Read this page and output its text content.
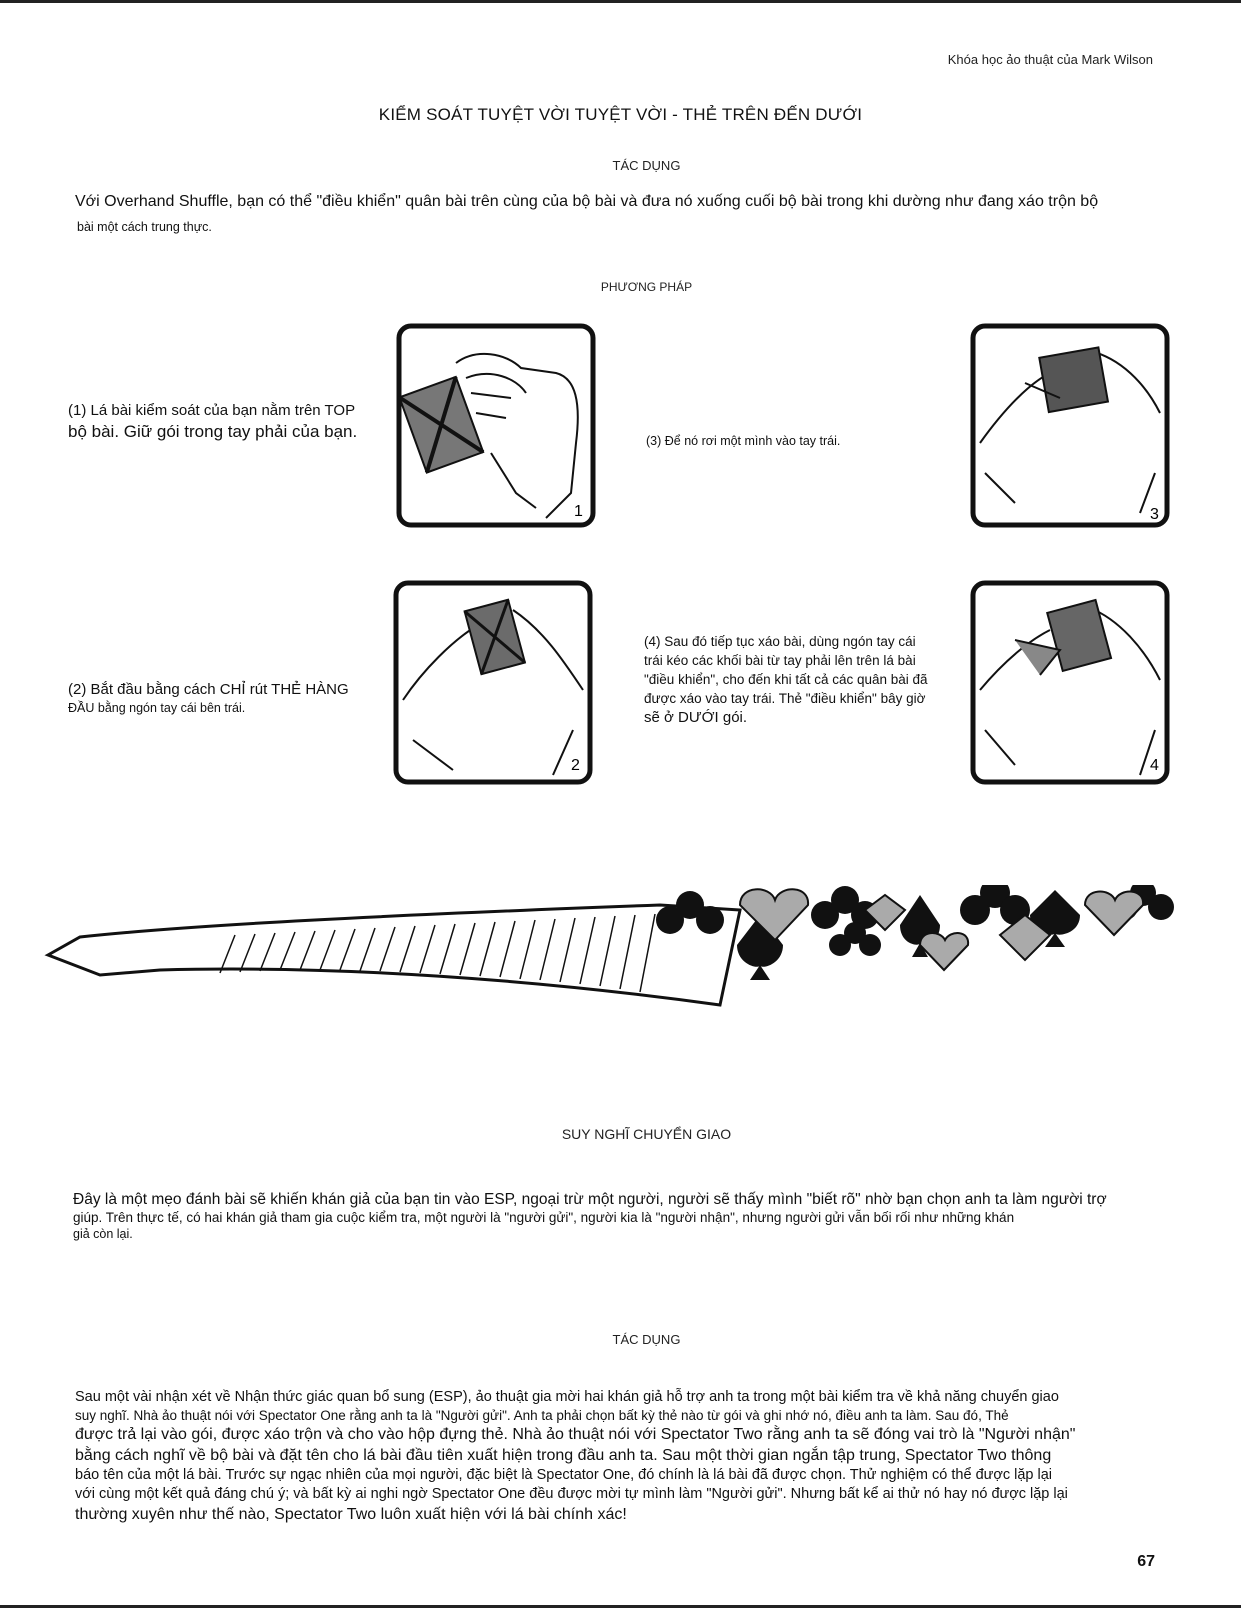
Khóa học ảo thuật của Mark Wilson
KIỂM SOÁT TUYỆT VỜI TUYỆT VỜI - THẺ TRÊN ĐẾN DƯỚI
TÁC DỤNG
Với Overhand Shuffle, bạn có thể "điều khiển" quân bài trên cùng của bộ bài và đưa nó xuống cuối bộ bài trong khi dường như đang xáo trộn bộ
bài một cách trung thực.
PHƯƠNG PHÁP
(1) Lá bài kiểm soát của bạn nằm trên TOP
bộ bài. Giữ gói trong tay phải của bạn.
(2) Bắt đầu bằng cách CHỈ rút THẺ HÀNG
ĐẦU bằng ngón tay cái bên trái.
(3) Để nó rơi một mình vào tay trái.
(4) Sau đó tiếp tục xáo bài, dùng ngón tay cái
trái kéo các khối bài từ tay phải lên trên lá bài
"điều khiển", cho đến khi tất cả các quân bài đã
được xáo vào tay trái. Thẻ "điều khiển" bây giờ
sẽ ở DƯỚI gói.
1
2
3
4
SUY NGHĨ CHUYỂN GIAO
Đây là một mẹo đánh bài sẽ khiến khán giả của bạn tin vào ESP, ngoại trừ một người, người sẽ thấy mình "biết rõ" nhờ bạn chọn anh ta làm người trợ
giúp. Trên thực tế, có hai khán giả tham gia cuộc kiểm tra, một người là "người gửi", người kia là "người nhận", nhưng người gửi vẫn bối rối như những khán
giả còn lại.
TÁC DỤNG
Sau một vài nhận xét về Nhận thức giác quan bổ sung (ESP), ảo thuật gia mời hai khán giả hỗ trợ anh ta trong một bài kiểm tra về khả năng chuyển giao
suy nghĩ. Nhà ảo thuật nói với Spectator One rằng anh ta là "Người gửi". Anh ta phải chọn bất kỳ thẻ nào từ gói và ghi nhớ nó, điều anh ta làm. Sau đó, Thẻ
được trả lại vào gói, được xáo trộn và cho vào hộp đựng thẻ. Nhà ảo thuật nói với Spectator Two rằng anh ta sẽ đóng vai trò là "Người nhận"
bằng cách nghĩ về bộ bài và đặt tên cho lá bài đầu tiên xuất hiện trong đầu anh ta. Sau một thời gian ngắn tập trung, Spectator Two thông
báo tên của một lá bài. Trước sự ngạc nhiên của mọi người, đặc biệt là Spectator One, đó chính là lá bài đã được chọn. Thử nghiệm có thể được lặp lại
với cùng một kết quả đáng chú ý; và bất kỳ ai nghi ngờ Spectator One đều được mời tự mình làm "Người gửi". Nhưng bất kể ai thử nó hay nó được lặp lại
thường xuyên như thế nào, Spectator Two luôn xuất hiện với lá bài chính xác!
67
